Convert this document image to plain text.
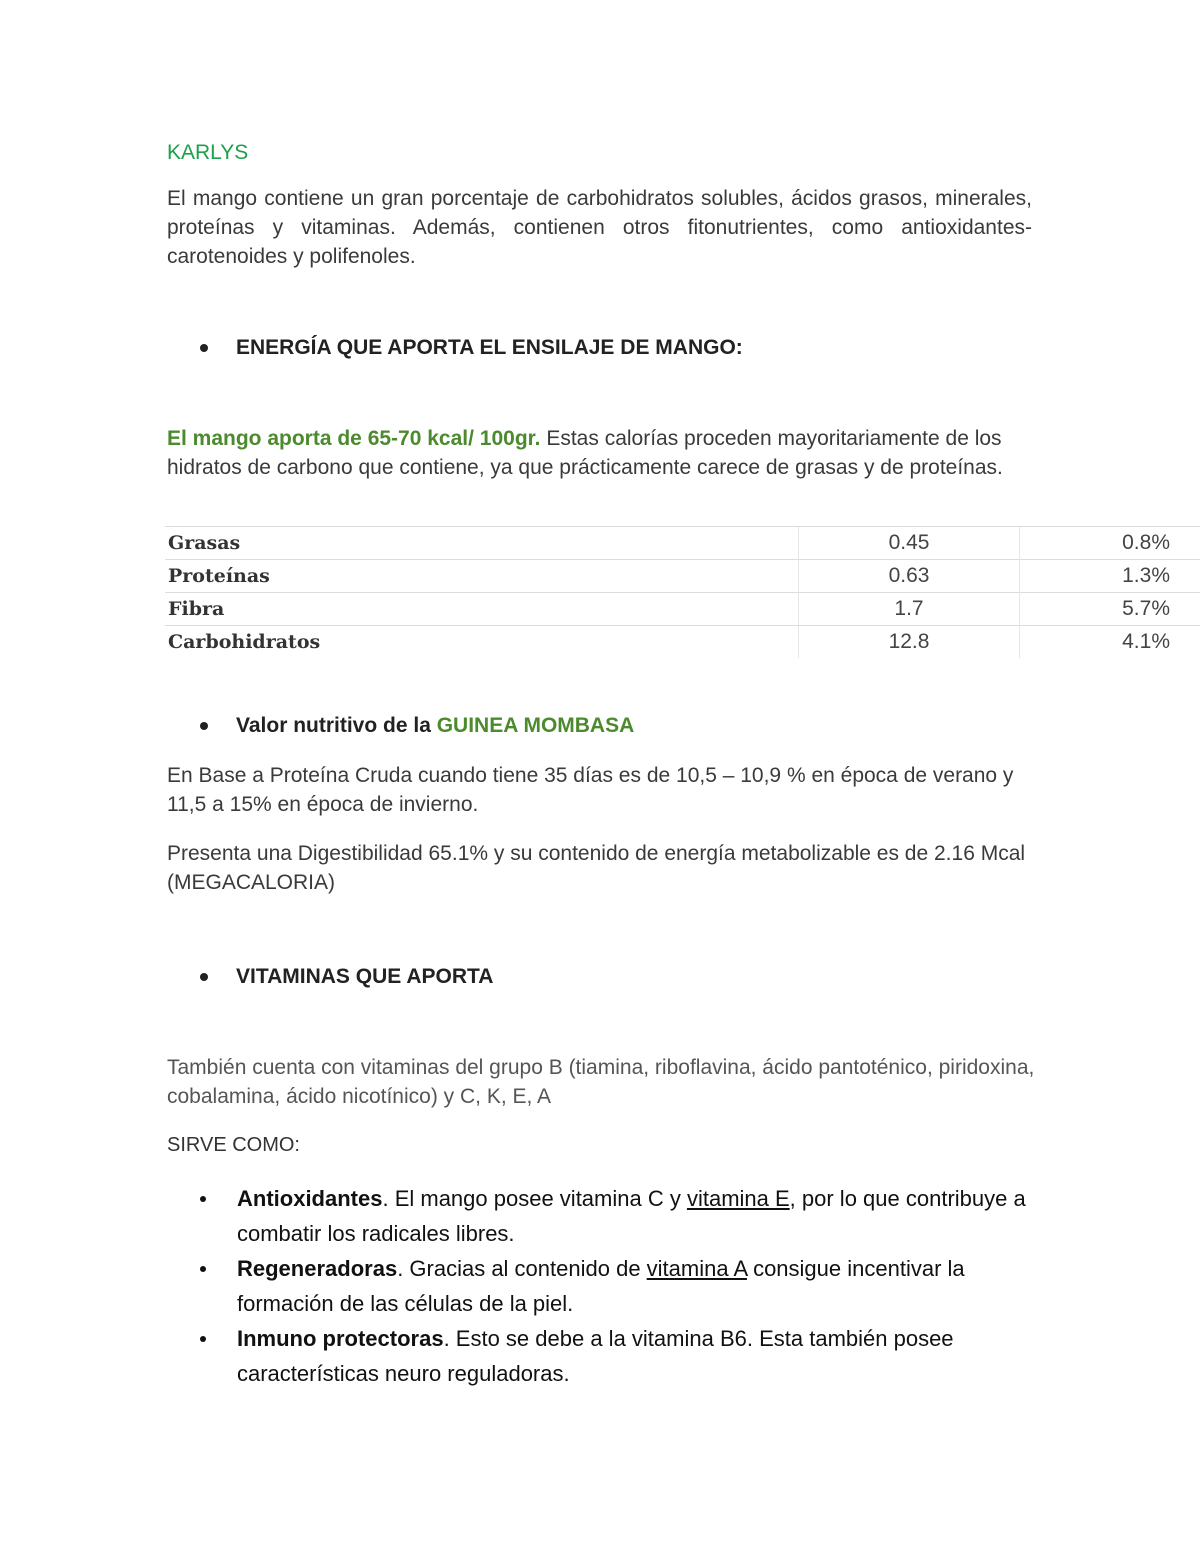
KARLYS
El mango contiene un gran porcentaje de carbohidratos solubles, ácidos grasos, minerales, proteínas y vitaminas. Además, contienen otros fitonutrientes, como antioxidantes-carotenoides y polifenoles.
ENERGÍA QUE APORTA EL ENSILAJE DE MANGO:
El mango aporta de 65-70 kcal/ 100gr. Estas calorías proceden mayoritariamente de los hidratos de carbono que contiene, ya que prácticamente carece de grasas y de proteínas.
Grasas	0.45	0.8%
Proteínas	0.63	1.3%
Fibra	1.7	5.7%
Carbohidratos	12.8	4.1%
Valor nutritivo de la GUINEA MOMBASA
En Base a Proteína Cruda cuando tiene 35 días es de 10,5 – 10,9 % en época de verano y 11,5 a 15% en época de invierno.
Presenta una Digestibilidad 65.1% y su contenido de energía metabolizable es de 2.16 Mcal (MEGACALORIA)
VITAMINAS QUE APORTA
También cuenta con vitaminas del grupo B (tiamina, riboflavina, ácido pantoténico, piridoxina, cobalamina, ácido nicotínico) y C, K, E, A
SIRVE COMO:
Antioxidantes. El mango posee vitamina C y vitamina E, por lo que contribuye a combatir los radicales libres.
Regeneradoras. Gracias al contenido de vitamina A consigue incentivar la formación de las células de la piel.
Inmuno protectoras. Esto se debe a la vitamina B6. Esta también posee características neuro reguladoras.
